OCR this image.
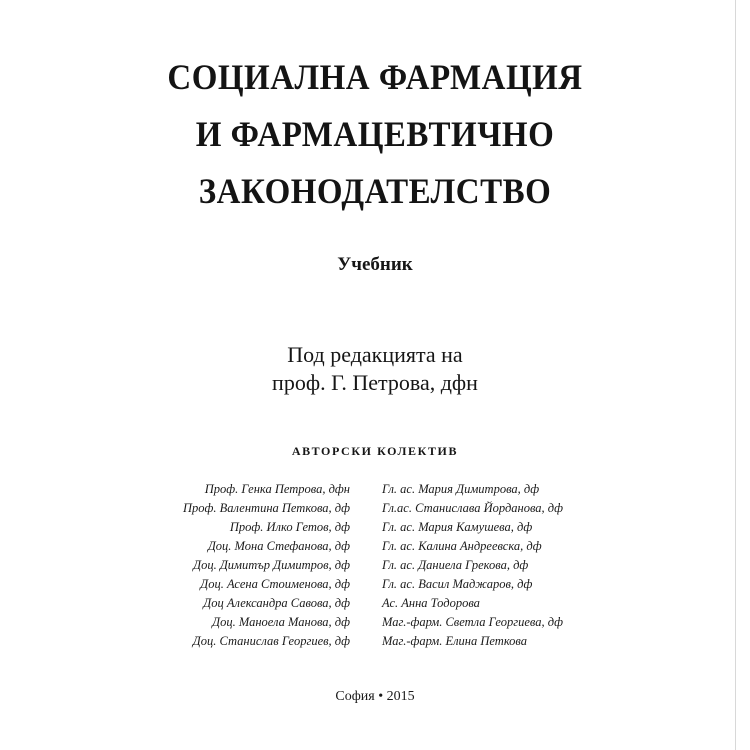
СОЦИАЛНА ФАРМАЦИЯ
И ФАРМАЦЕВТИЧНО
ЗАКОНОДАТЕЛСТВО
Учебник
Под редакцията на
проф. Г. Петрова, дфн
АВТОРСКИ КОЛЕКТИВ
Проф. Генка Петрова, дфн
Проф. Валентина Петкова, дф
Проф. Илко Гетов, дф
Доц. Мона Стефанова, дф
Доц. Димитър Димитров, дф
Доц. Асена Стоименова, дф
Доц Александра Савова, дф
Доц. Маноела Манова, дф
Доц. Станислав Георгиев, дф
Гл. ас. Мария Димитрова, дф
Гл.ас. Станислава Йорданова, дф
Гл. ас. Мария Камушева, дф
Гл. ас. Калина Андреевска, дф
Гл. ас. Даниела Грекова, дф
Гл. ас. Васил Маджаров, дф
Ас. Анна Тодорова
Маг.-фарм. Светла Георгиева, дф
Маг.-фарм. Елина Петкова
София • 2015
